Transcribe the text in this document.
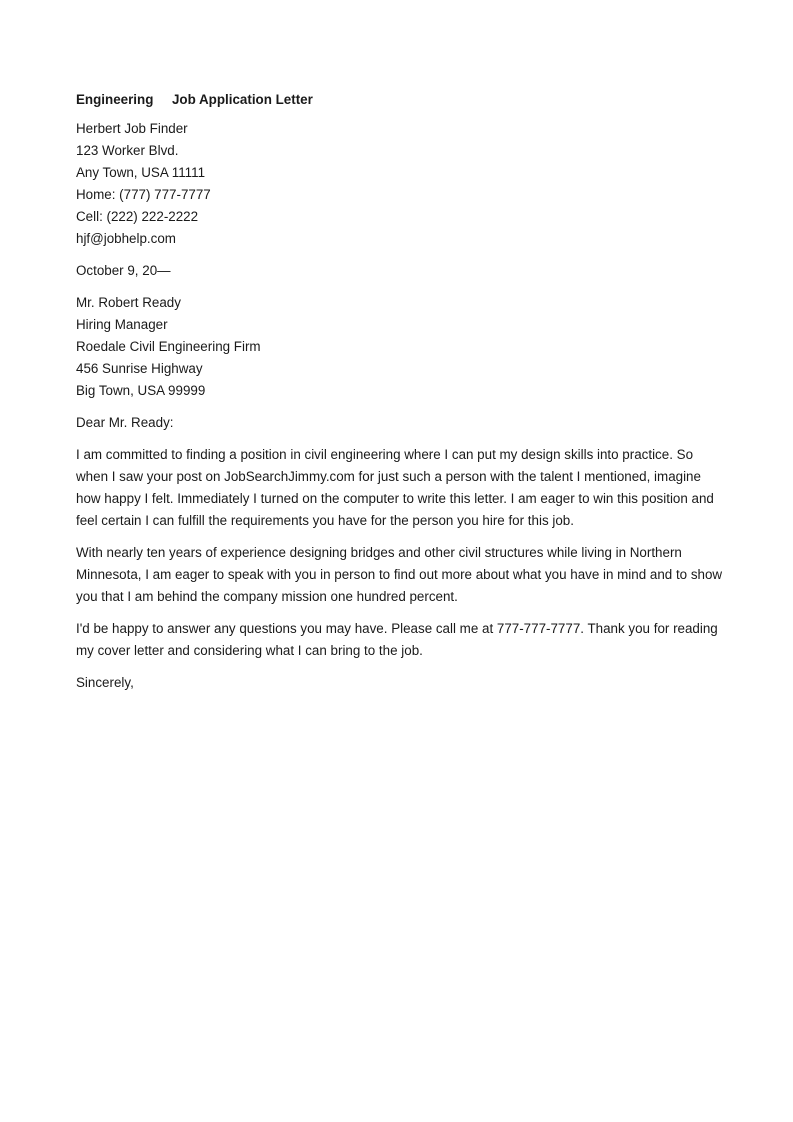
Engineering     Job Application Letter
Herbert Job Finder
123 Worker Blvd.
Any Town, USA 11111
Home: (777) 777-7777
Cell: (222) 222-2222
hjf@jobhelp.com
October 9, 20—
Mr. Robert Ready
Hiring Manager
Roedale Civil Engineering Firm
456 Sunrise Highway
Big Town, USA 99999
Dear Mr. Ready:
I am committed to finding a position in civil engineering where I can put my design skills into practice. So
when I saw your post on JobSearchJimmy.com for just such a person with the talent I mentioned, imagine
how happy I felt. Immediately I turned on the computer to write this letter. I am eager to win this position and
feel certain I can fulfill the requirements you have for the person you hire for this job.
With nearly ten years of experience designing bridges and other civil structures while living in Northern
Minnesota, I am eager to speak with you in person to find out more about what you have in mind and to show
you that I am behind the company mission one hundred percent.
I'd be happy to answer any questions you may have. Please call me at 777-777-7777. Thank you for reading
my cover letter and considering what I can bring to the job.
Sincerely,
